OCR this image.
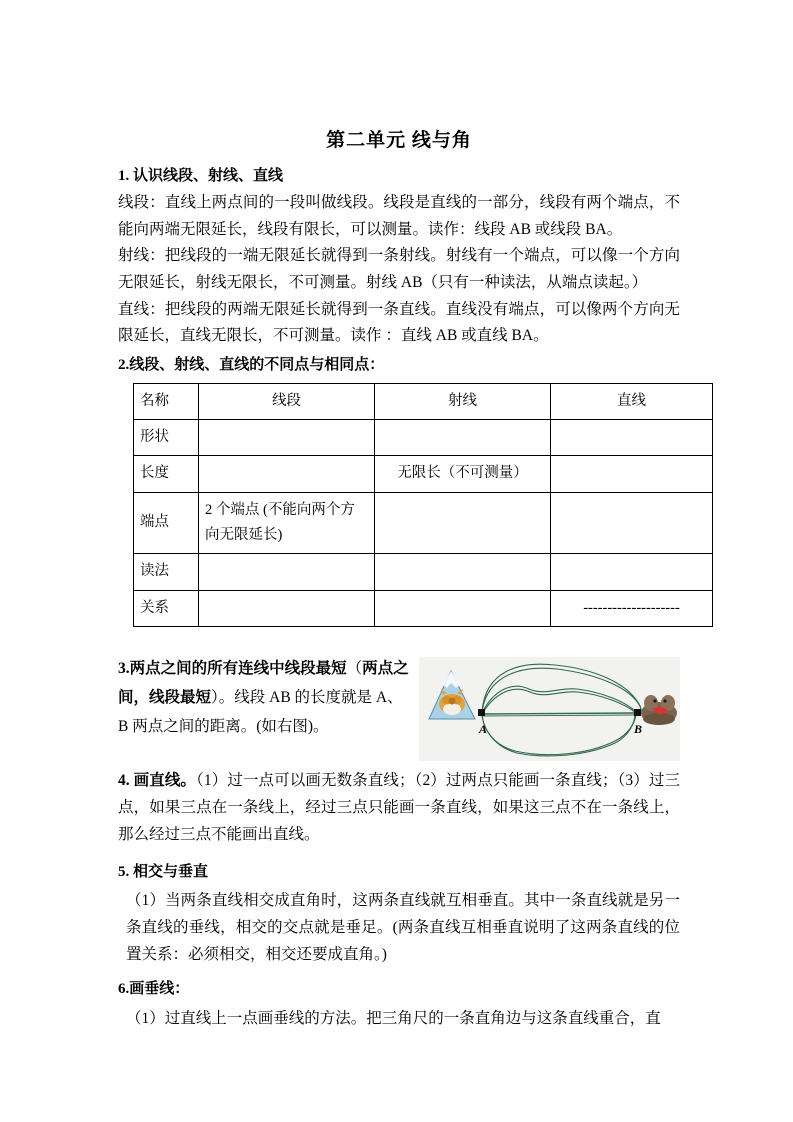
第二单元 线与角
1. 认识线段、射线、直线

线段：直线上两点间的一段叫做线段。线段是直线的一部分，线段有两个端点，不能向两端无限延长，线段有限长，可以测量。读作：线段 AB 或线段 BA。

射线：把线段的一端无限延长就得到一条射线。射线有一个端点，可以像一个方向无限延长，射线无限长，不可测量。射线 AB（只有一种读法，从端点读起。）

直线：把线段的两端无限延长就得到一条直线。直线没有端点，可以像两个方向无限延长，直线无限长，不可测量。读作 ：直线 AB 或直线 BA。

2.线段、射线、直线的不同点与相同点：
名称	线段	射线	直线
形状			
长度		无限长（不可测量）	
端点	2 个端点 (不能向两个方向无限延长)		
读法			
关系			--------------------
A	B
3.两点之间的所有连线中线段最短（两点之间，线段最短）。线段 AB 的长度就是 A、B 两点之间的距离。(如右图)。
4. 画直线。（1）过一点可以画无数条直线；（2）过两点只能画一条直线；（3）过三点，如果三点在一条线上，经过三点只能画一条直线，如果这三点不在一条线上，那么经过三点不能画出直线。
5. 相交与垂直

（1）当两条直线相交成直角时，这两条直线就互相垂直。其中一条直线就是另一条直线的垂线，相交的交点就是垂足。(两条直线互相垂直说明了这两条直线的位置关系：必须相交，相交还要成直角。)

6.画垂线：

（1）过直线上一点画垂线的方法。把三角尺的一条直角边与这条直线重合，直
